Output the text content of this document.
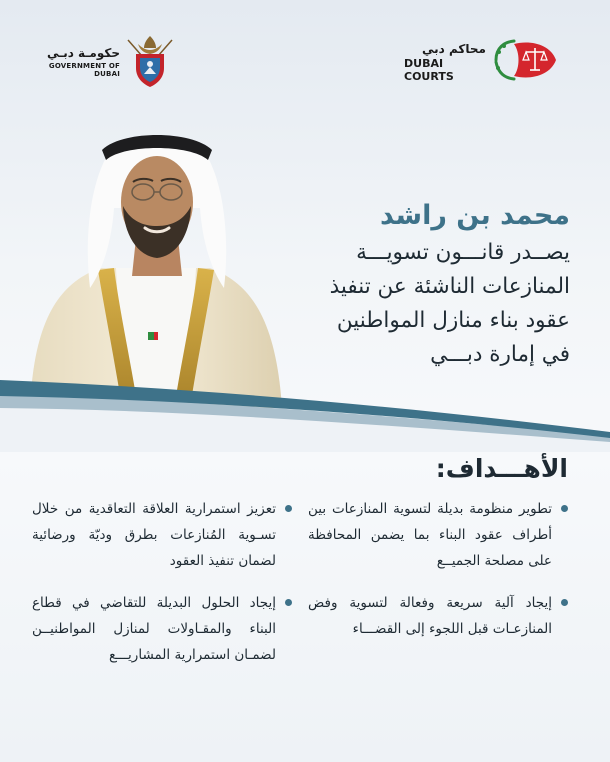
حكومـة دبـي
GOVERNMENT OF DUBAI
محاكم دبي
DUBAI COURTS
محمد بن راشد
يصــدر قانـــون تسويـــة
المنازعات الناشئة عن تنفيذ
عقود بناء منازل المواطنين
في إمارة دبـــي
الأهـــداف:
تطوير منظومة بديلة لتسوية المنازعات بين أطراف عقود البناء بما يضمن المحافظة على مصلحة الجميــع
إيجاد آلية سريعة وفعالة لتسوية وفض المنازعـات قبل اللجوء إلى القضـــاء
تعزيز استمرارية العلاقة التعاقدية من خلال تسـوية المُنازعات بطرق وديّة ورضائية لضمان تنفيذ العقود
إيجاد الحلول البديلة للتقاضي في قطاع البناء والمقـاولات لمنازل المواطنيــن لضمـان استمرارية المشاريـــع
